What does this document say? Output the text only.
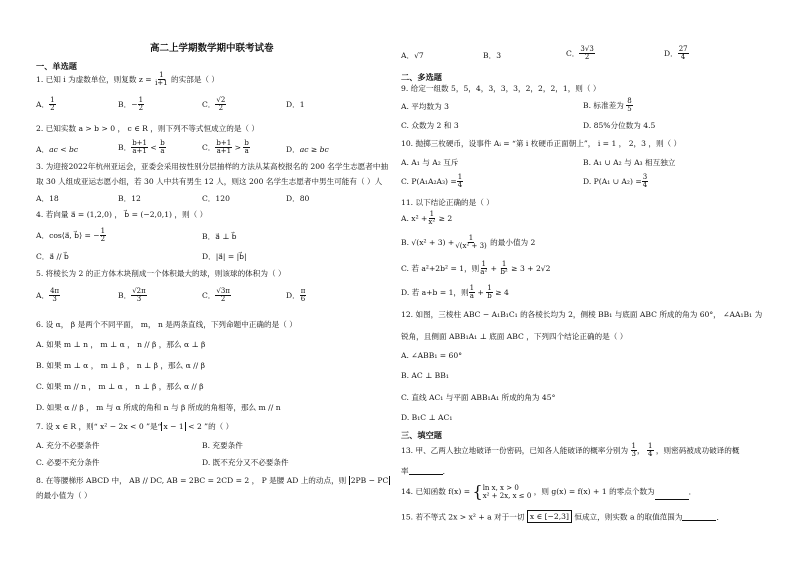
高二上学期数学期中联考试卷
一、单选题
1. 已知 i 为虚数单位，则复数 $z = \frac{1}{i+1}$ 的实部是（ ）
A． $\frac{1}{2}$	B．− $\frac{1}{2}$	C． $\frac{√2}{2}$	D．1
2. 已知实数 a > b > 0 ， c ∈ R ，则下列不等式恒成立的是（ ）
A．ac < bc	B． $\frac{b+1}{a+1} < \frac{b}{a}$	C． $\frac{b+1}{a+1} > \frac{b}{a}$	D．ac ≥ bc
3. 为迎接2022年杭州亚运会，亚委会采用按性别分层抽样的方法从某高校报名的 200 名学生志愿者中抽
取 30 人组成亚运志愿小组，若 30 人中共有男生 12 人，则这 200 名学生志愿者中男生可能有（ ）人
A．18	B．12	C．120	D．80
4. 若向量 a⃗ = (1,2,0) ， b⃗ = (−2,0,1) ，则（ ）
A．cos⟨a⃗, b⃗⟩ = − $\frac{1}{2}$	B．a⃗ ⊥ b⃗
C．a⃗ // b⃗	D．|a⃗| = |b⃗|
5. 将棱长为 2 的正方体木块削成一个体积最大的球，则该球的体积为（ ）
A． $\frac{4\pi}{3}$	B． $\frac{√2\pi}{3}$	C． $\frac{√3\pi}{2}$	D． $\frac{\pi}{6}$
6. 设 α， β 是两个不同平面， m， n 是两条直线，下列命题中正确的是（ ）
A. 如果 m ⊥ n ， m ⊥ α ， n // β ，那么 α ⊥ β
B. 如果 m ⊥ α ， m ⊥ β ， n ⊥ β ，那么 α // β
C. 如果 m // n ， m ⊥ α ， n ⊥ β ，那么 α // β
D. 如果 α // β ， m 与 α 所成的角和 n 与 β 所成的角相等，那么 m // n
7. 设 x ∈ R ，则“ x² − 2x < 0 ”是“ x − 1 < 2 ”的（ ）
A. 充分不必要条件	B. 充要条件
C. 必要不充分条件	D. 既不充分又不必要条件
8. 在等腰梯形 ABCD 中， AB // DC, AB = 2BC = 2CD = 2 ， P 是腰 AD 上的动点，则 2PB − PC
的最小值为（ ）
A．√7	B．3	C． $\frac{3√3}{2}$	D． $\frac{27}{4}$
二、多选题
9. 给定一组数 5，5，4，3，3，3，2，2，2，1，则（ ）
A. 平均数为 3	B. 标准差为 $\frac{8}{5}$
C. 众数为 2 和 3	D. 85%分位数为 4.5
10. 抛掷三枚硬币，设事件 Aᵢ = “第 i 枚硬币正面朝上”， i = 1 ， 2，3 ，则（ ）
A. A₁ 与 A₂ 互斥	B. A₁ ∪ A₂ 与 A₃ 相互独立
C. $P(A_1A_2A_3) = \frac{1}{4}$	D. P(A₁ ∪ $A_2) = \frac{3}{4}$
11. 以下结论正确的是（ ）
A. $x^2 + \frac{1}{\text{x²}} \ge 2$
B. $√(x^2 + 3) + \frac{1}{\text{√(x² + 3)}}$ 的最小值为 2
C. 若 a²+2b² = 1，则 $\frac{1}{\text{a²}} + \frac{1}{\text{b²}} \ge 3 + 2√2$
D. 若 a+b = 1，则 $\frac{1}{a} + \frac{1}{b} \ge 4$
12. 如图，三棱柱 ABC − A₁B₁C₁ 的各棱长均为 2，侧棱 BB₁ 与底面 ABC 所成的角为 60°， ∠AA₁B₁ 为
锐角，且侧面 ABB₁A₁ ⊥ 底面 ABC ，下列四个结论正确的是（ ）
A. ∠ABB₁ = 60°
B. AC ⊥ BB₁
C. 直线 AC₁ 与平面 ABB₁A₁ 所成的角为 45°
D. B₁C ⊥ AC₁
三、填空题
13. 甲、乙两人独立地破译一份密码，已知各人能破译的概率分别为 $\frac{1}{3}$ ， $\frac{1}{4}$ ，则密码被成功破译的概
率	．
14. 已知函数 f(x) = { ln x, x > 0
x² + 2x, x ≤ 0 ，则 g(x) = f(x) + 1 的零点个数为	．
15. 若不等式 2x > x² + a 对于一切 x ∈ [−2,3] 恒成立，则实数 a 的取值范围为	．
